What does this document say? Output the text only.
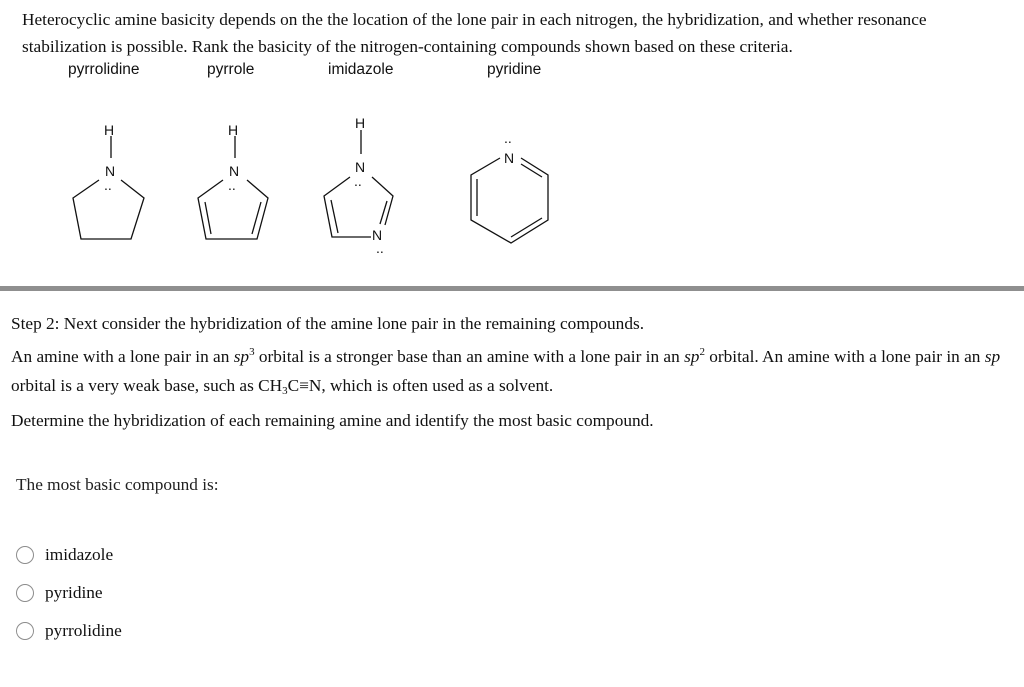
Heterocyclic amine basicity depends on the the location of the lone pair in each nitrogen, the hybridization, and whether resonance stabilization is possible. Rank the basicity of the nitrogen-containing compounds shown based on these criteria.
pyrrolidine	pyrrole	imidazole	pyridine
H
N
..
H
N
..
H
N
..
N
..
N
..

Step 2: Next consider the hybridization of the amine lone pair in the remaining compounds.

An amine with a lone pair in an $sp^3$ orbital is a stronger base than an amine with a lone pair in an $sp^2$ orbital. An amine with a lone pair in an sp orbital is a very weak base, such as $CH_3C\equiv N$, which is often used as a solvent.

Determine the hybridization of each remaining amine and identify the most basic compound.

The most basic compound is:
imidazole
pyridine
pyrrolidine
